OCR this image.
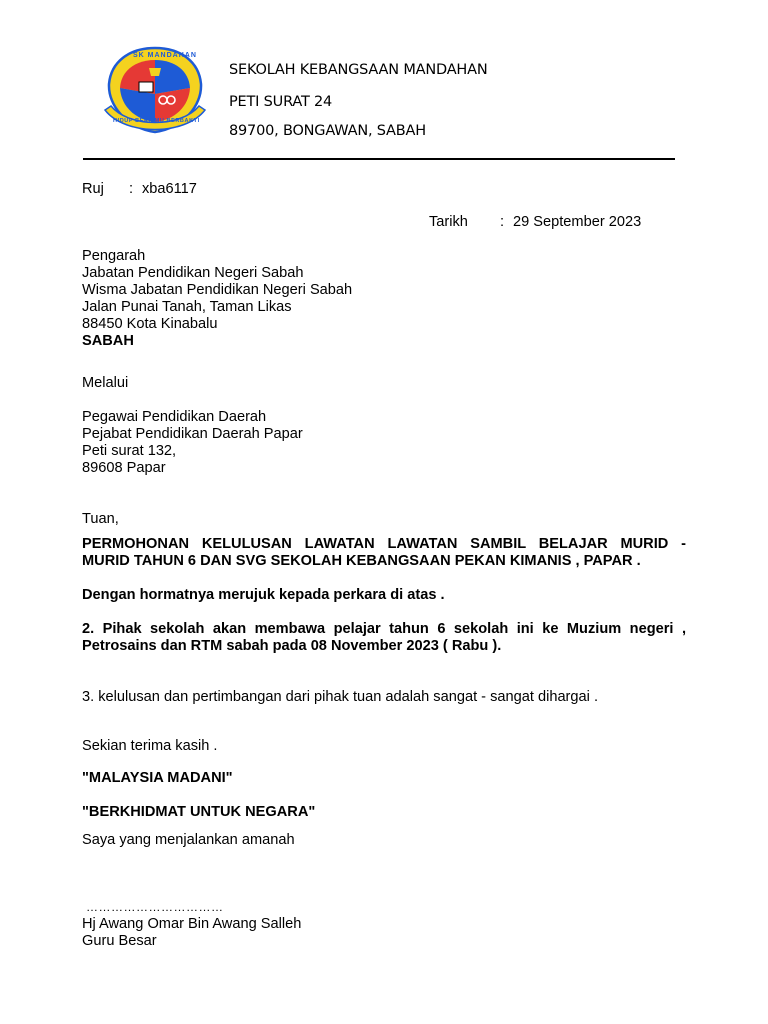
SK MANDAHAN
HIDUP BERILMU BERBAKTI
SEKOLAH KEBANGSAAN MANDAHAN
PETI SURAT 24
89700, BONGAWAN, SABAH
Ruj : xba6117
Tarikh : 29 September 2023
Pengarah
Jabatan Pendidikan Negeri Sabah
Wisma Jabatan Pendidikan Negeri Sabah
Jalan Punai Tanah, Taman Likas
88450 Kota Kinabalu
SABAH
Melalui
Pegawai Pendidikan Daerah
Pejabat Pendidikan Daerah Papar
Peti surat 132,
89608 Papar
Tuan,
PERMOHONAN KELULUSAN LAWATAN LAWATAN SAMBIL BELAJAR MURID -
MURID TAHUN 6 DAN SVG SEKOLAH KEBANGSAAN PEKAN KIMANIS , PAPAR .
Dengan hormatnya merujuk kepada perkara di atas .
2. Pihak sekolah akan membawa pelajar tahun 6 sekolah ini ke Muzium negeri ,
Petrosains dan RTM sabah pada 08 November 2023 ( Rabu ).
3. kelulusan dan pertimbangan dari pihak tuan adalah sangat - sangat dihargai .
Sekian terima kasih .
"MALAYSIA MADANI"
"BERKHIDMAT UNTUK NEGARA"
Saya yang menjalankan amanah
……………………………
Hj Awang Omar Bin Awang Salleh
Guru Besar
